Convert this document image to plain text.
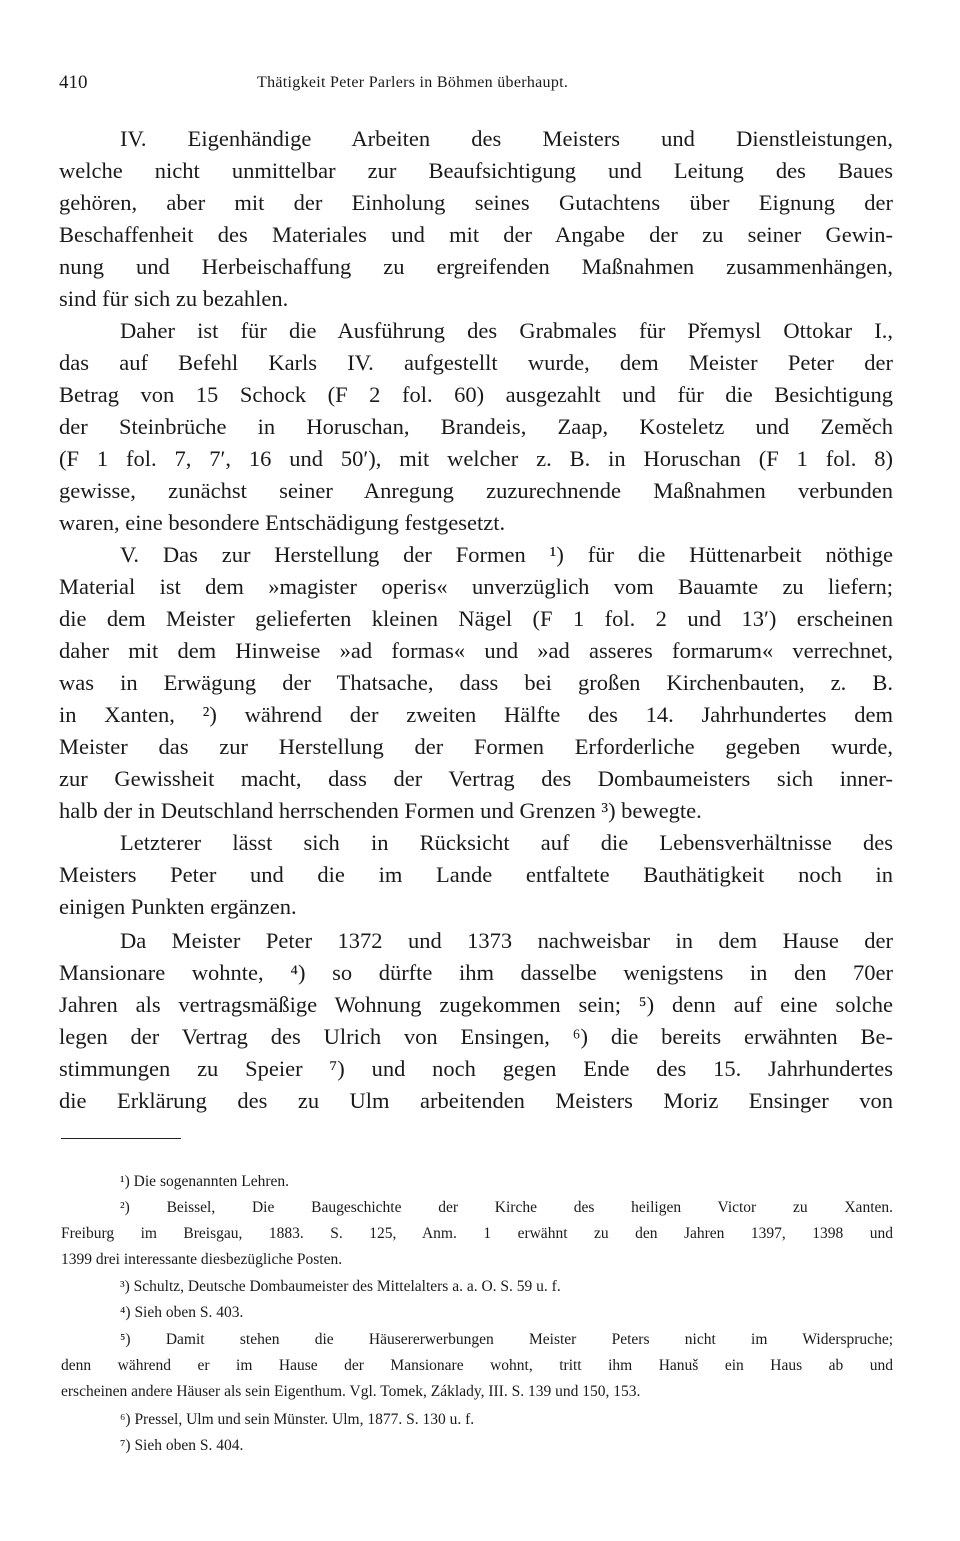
410	Thätigkeit Peter Parlers in Böhmen überhaupt.
IV. Eigenhändige Arbeiten des Meisters und Dienstleistungen,
welche nicht unmittelbar zur Beaufsichtigung und Leitung des Baues
gehören, aber mit der Einholung seines Gutachtens über Eignung der
Beschaffenheit des Materiales und mit der Angabe der zu seiner Gewin-
nung und Herbeischaffung zu ergreifenden Maßnahmen zusammenhängen,
sind für sich zu bezahlen.
Daher ist für die Ausführung des Grabmales für Přemysl Ottokar I.,
das auf Befehl Karls IV. aufgestellt wurde, dem Meister Peter der
Betrag von 15 Schock (F 2 fol. 60) ausgezahlt und für die Besichtigung
der Steinbrüche in Horuschan, Brandeis, Zaap, Kosteletz und Zeměch
(F 1 fol. 7, 7′, 16 und 50′), mit welcher z. B. in Horuschan (F 1 fol. 8)
gewisse, zunächst seiner Anregung zuzurechnende Maßnahmen verbunden
waren, eine besondere Entschädigung festgesetzt.
V. Das zur Herstellung der Formen ¹) für die Hüttenarbeit nöthige
Material ist dem »magister operis« unverzüglich vom Bauamte zu liefern;
die dem Meister gelieferten kleinen Nägel (F 1 fol. 2 und 13′) erscheinen
daher mit dem Hinweise »ad formas« und »ad asseres formarum« verrechnet,
was in Erwägung der Thatsache, dass bei großen Kirchenbauten, z. B.
in Xanten, ²) während der zweiten Hälfte des 14. Jahrhundertes dem
Meister das zur Herstellung der Formen Erforderliche gegeben wurde,
zur Gewissheit macht, dass der Vertrag des Dombaumeisters sich inner-
halb der in Deutschland herrschenden Formen und Grenzen ³) bewegte.
Letzterer lässt sich in Rücksicht auf die Lebensverhältnisse des
Meisters Peter und die im Lande entfaltete Bauthätigkeit noch in
einigen Punkten ergänzen.
Da Meister Peter 1372 und 1373 nachweisbar in dem Hause der
Mansionare wohnte, ⁴) so dürfte ihm dasselbe wenigstens in den 70er
Jahren als vertragsmäßige Wohnung zugekommen sein; ⁵) denn auf eine solche
legen der Vertrag des Ulrich von Ensingen, ⁶) die bereits erwähnten Be-
stimmungen zu Speier ⁷) und noch gegen Ende des 15. Jahrhundertes
die Erklärung des zu Ulm arbeitenden Meisters Moriz Ensinger von
¹) Die sogenannten Lehren.
²) Beissel, Die Baugeschichte der Kirche des heiligen Victor zu Xanten.
Freiburg im Breisgau, 1883. S. 125, Anm. 1 erwähnt zu den Jahren 1397, 1398 und
1399 drei interessante diesbezügliche Posten.
³) Schultz, Deutsche Dombaumeister des Mittelalters a. a. O. S. 59 u. f.
⁴) Sieh oben S. 403.
⁵) Damit stehen die Häusererwerbungen Meister Peters nicht im Widerspruche;
denn während er im Hause der Mansionare wohnt, tritt ihm Hanuš ein Haus ab und
erscheinen andere Häuser als sein Eigenthum. Vgl. Tomek, Základy, III. S. 139 und 150, 153.
⁶) Pressel, Ulm und sein Münster. Ulm, 1877. S. 130 u. f.
⁷) Sieh oben S. 404.
